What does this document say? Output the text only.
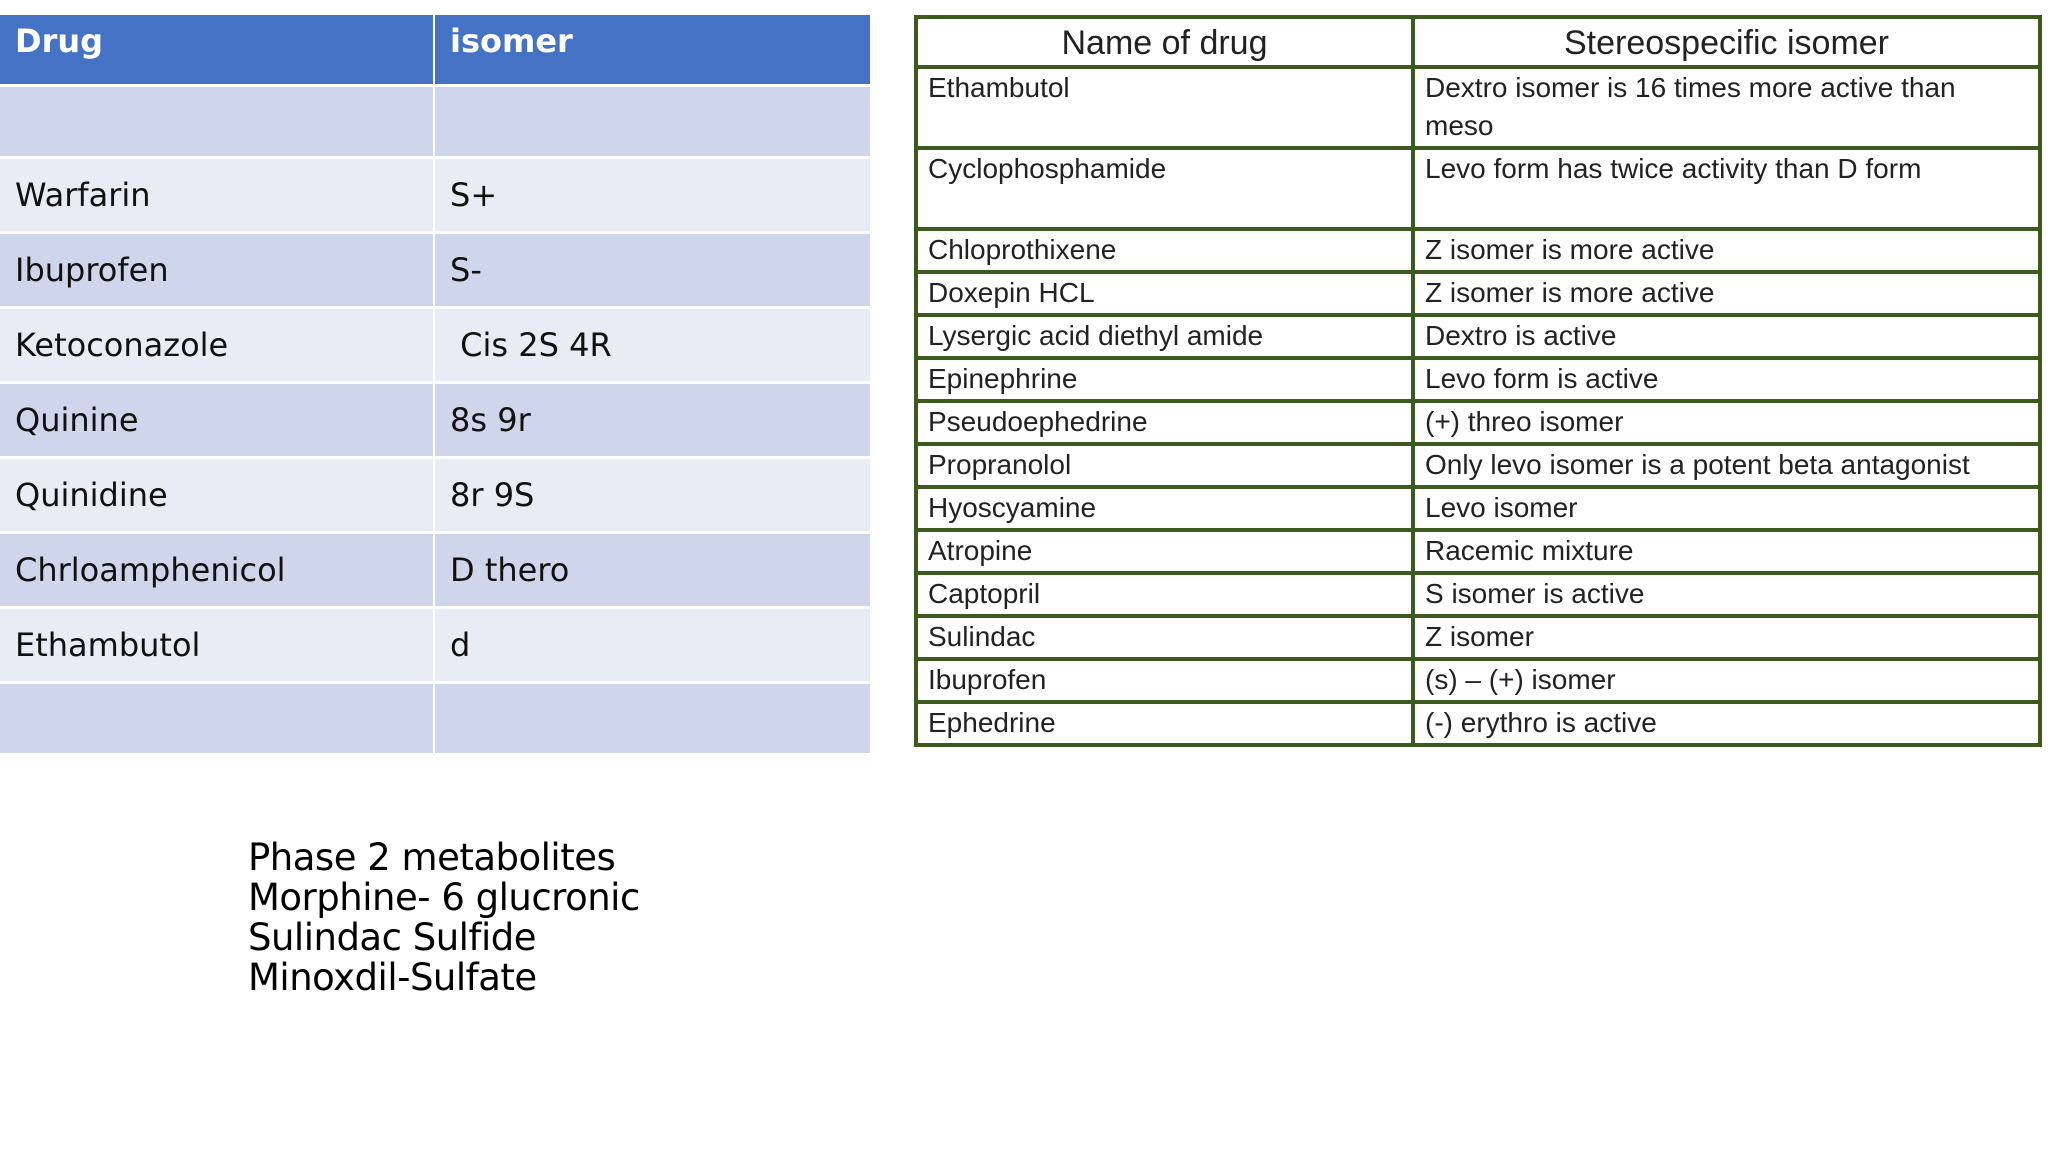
Drug	isomer

Warfarin	S+
Ibuprofen	S-
Ketoconazole	Cis 2S 4R
Quinine	8s 9r
Quinidine	8r 9S
Chrloamphenicol	D thero
Ethambutol	d

Name of drug	Stereospecific isomer
Ethambutol	Dextro isomer is 16 times more active than meso
Cyclophosphamide	Levo form has twice activity than D form
Chloprothixene	Z isomer is more active
Doxepin HCL	Z isomer is more active
Lysergic acid diethyl amide	Dextro is active
Epinephrine	Levo form is active
Pseudoephedrine	(+) threo isomer
Propranolol	Only levo isomer is a potent beta antagonist
Hyoscyamine	Levo isomer
Atropine	Racemic mixture
Captopril	S isomer is active
Sulindac	Z isomer
Ibuprofen	(s) – (+) isomer
Ephedrine	(-) erythro is active
Phase 2 metabolites
Morphine- 6 glucronic
Sulindac Sulfide
Minoxdil-Sulfate
